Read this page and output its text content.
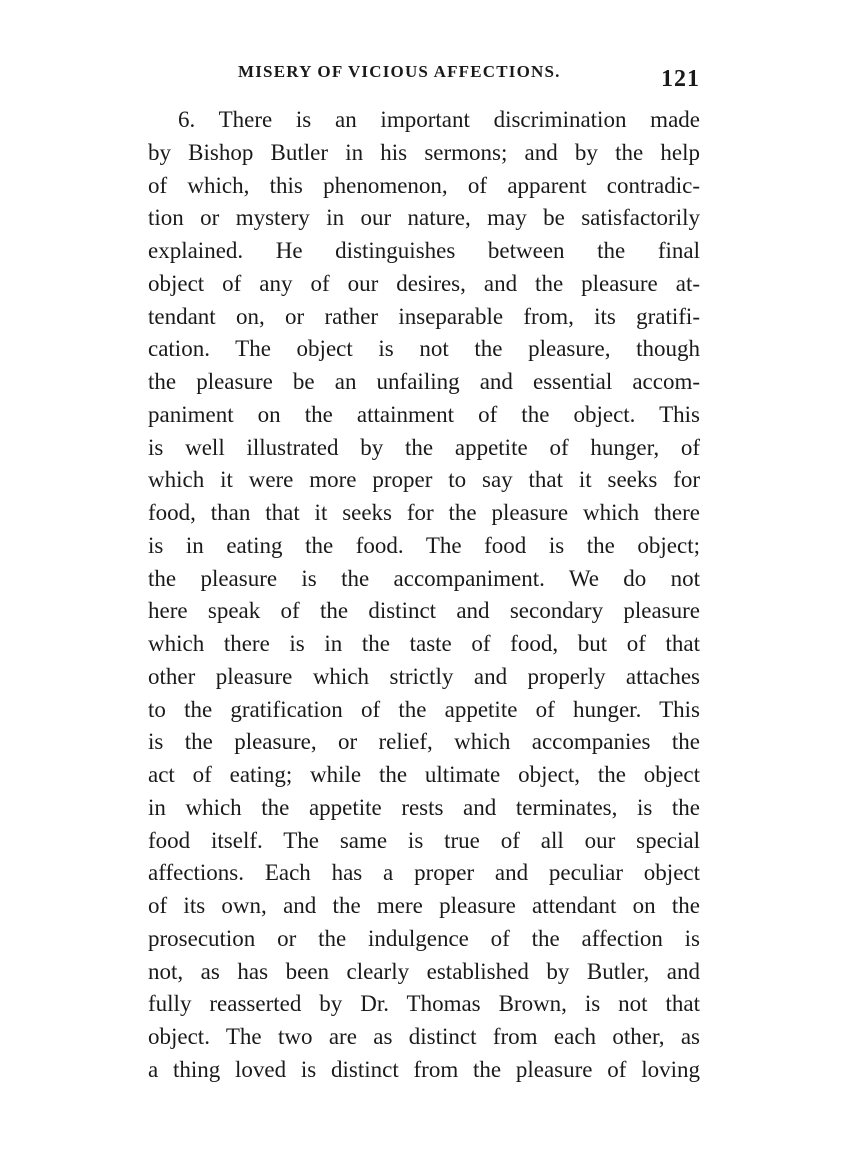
MISERY OF VICIOUS AFFECTIONS.	121
6. There is an important discrimination made
by Bishop Butler in his sermons; and by the help
of which, this phenomenon, of apparent contradic-
tion or mystery in our nature, may be satisfactorily
explained. He distinguishes between the final
object of any of our desires, and the pleasure at-
tendant on, or rather inseparable from, its gratifi-
cation. The object is not the pleasure, though
the pleasure be an unfailing and essential accom-
paniment on the attainment of the object. This
is well illustrated by the appetite of hunger, of
which it were more proper to say that it seeks for
food, than that it seeks for the pleasure which there
is in eating the food. The food is the object;
the pleasure is the accompaniment. We do not
here speak of the distinct and secondary pleasure
which there is in the taste of food, but of that
other pleasure which strictly and properly attaches
to the gratification of the appetite of hunger. This
is the pleasure, or relief, which accompanies the
act of eating; while the ultimate object, the object
in which the appetite rests and terminates, is the
food itself. The same is true of all our special
affections. Each has a proper and peculiar object
of its own, and the mere pleasure attendant on the
prosecution or the indulgence of the affection is
not, as has been clearly established by Butler, and
fully reasserted by Dr. Thomas Brown, is not that
object. The two are as distinct from each other, as
a thing loved is distinct from the pleasure of loving
